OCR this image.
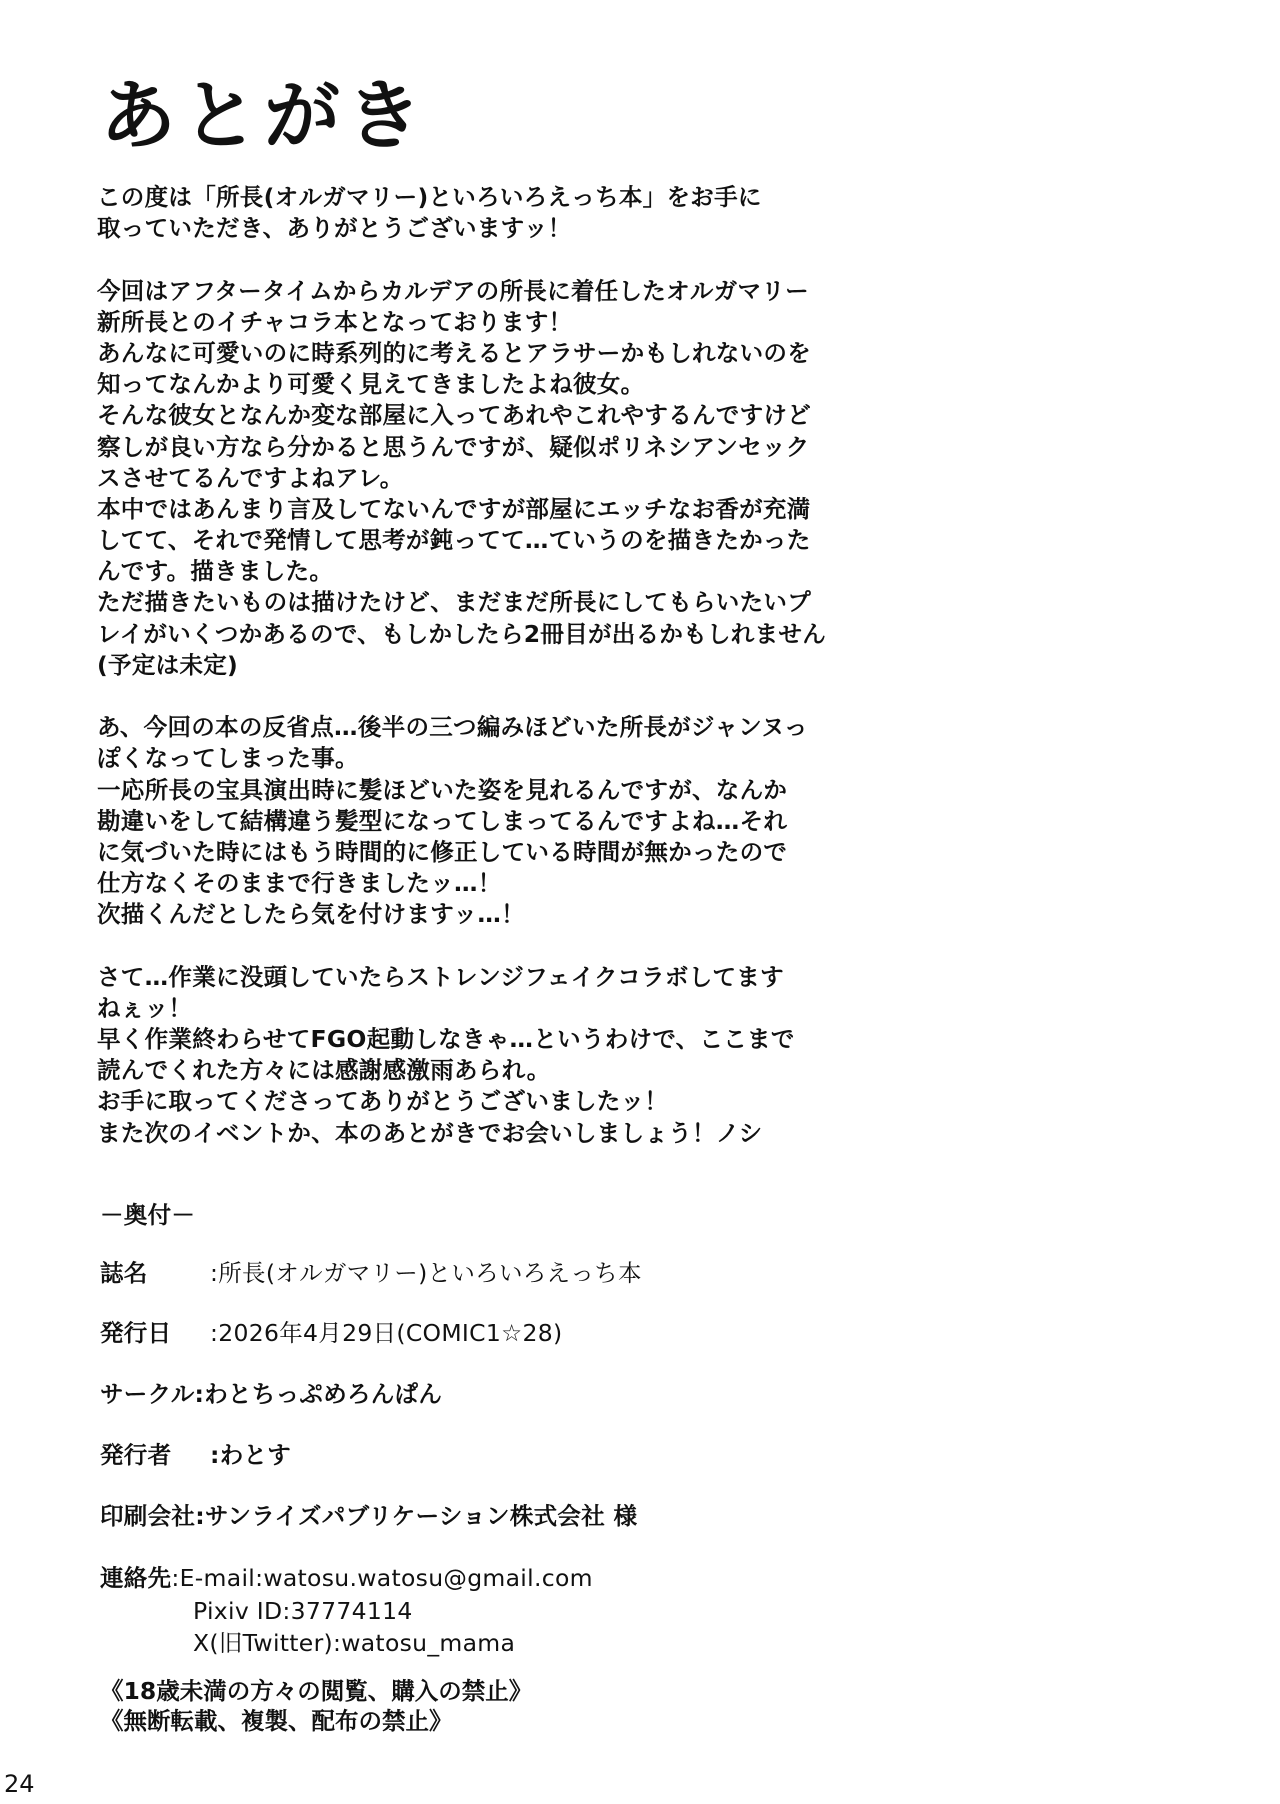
あとがき
この度は「所長(オルガマリー)といろいろえっち本」をお手に
取っていただき、ありがとうございますッ！
今回はアフタータイムからカルデアの所長に着任したオルガマリー
新所長とのイチャコラ本となっております！
あんなに可愛いのに時系列的に考えるとアラサーかもしれないのを
知ってなんかより可愛く見えてきましたよね彼女。
そんな彼女となんか変な部屋に入ってあれやこれやするんですけど
察しが良い方なら分かると思うんですが、疑似ポリネシアンセック
スさせてるんですよねアレ。
本中ではあんまり言及してないんですが部屋にエッチなお香が充満
してて、それで発情して思考が鈍ってて…ていうのを描きたかった
んです。描きました。
ただ描きたいものは描けたけど、まだまだ所長にしてもらいたいプ
レイがいくつかあるので、もしかしたら2冊目が出るかもしれません
(予定は未定)
あ、今回の本の反省点…後半の三つ編みほどいた所長がジャンヌっ
ぽくなってしまった事。
一応所長の宝具演出時に髪ほどいた姿を見れるんですが、なんか
勘違いをして結構違う髪型になってしまってるんですよね…それ
に気づいた時にはもう時間的に修正している時間が無かったので
仕方なくそのままで行きましたッ…！
次描くんだとしたら気を付けますッ…！
さて…作業に没頭していたらストレンジフェイクコラボしてます
ねぇッ！
早く作業終わらせてFGO起動しなきゃ…というわけで、ここまで
読んでくれた方々には感謝感激雨あられ。
お手に取ってくださってありがとうございましたッ！
また次のイベントか、本のあとがきでお会いしましょう！ノシ
－奥付－
誌名	:所長(オルガマリー)といろいろえっち本
発行日 :2026年4月29日(COMIC1☆28)
サークル:わとちっぷめろんぱん
発行者 :わとす
印刷会社:サンライズパブリケーション株式会社 様
連絡先:E-mail:watosu.watosu@gmail.com
Pixiv ID:37774114
X(旧Twitter):watosu_mama
《18歳未満の方々の閲覧、購入の禁止》
《無断転載、複製、配布の禁止》
24
